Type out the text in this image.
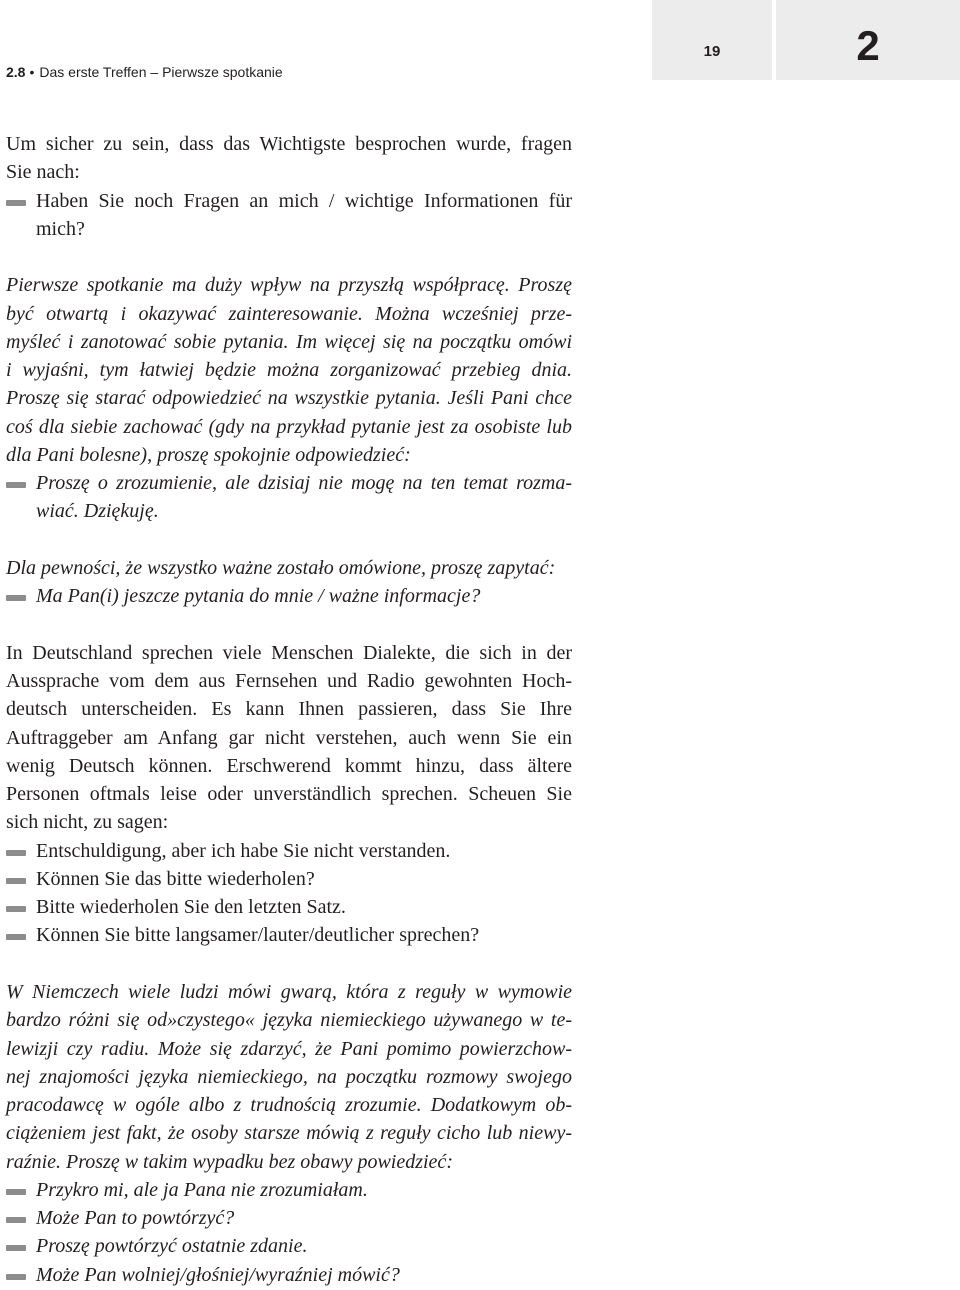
2.8 • Das erste Treffen – Pierwsze spotkanie
19	2
Um sicher zu sein, dass das Wichtigste besprochen wurde, fragen
Sie nach:
Haben Sie noch Fragen an mich / wichtige Informationen für
mich?
Pierwsze spotkanie ma duży wpływ na przyszłą współpracę. Proszę
być otwartą i okazywać zainteresowanie. Można wcześniej prze-
myśleć i zanotować sobie pytania. Im więcej się na początku omówi
i wyjaśni, tym łatwiej będzie można zorganizować przebieg dnia.
Proszę się starać odpowiedzieć na wszystkie pytania. Jeśli Pani chce
coś dla siebie zachować (gdy na przykład pytanie jest za osobiste lub
dla Pani bolesne), proszę spokojnie odpowiedzieć:
Proszę o zrozumienie, ale dzisiaj nie mogę na ten temat rozma-
wiać. Dziękuję.
Dla pewności, że wszystko ważne zostało omówione, proszę zapytać:
Ma Pan(i) jeszcze pytania do mnie / ważne informacje?
In Deutschland sprechen viele Menschen Dialekte, die sich in der
Aussprache vom dem aus Fernsehen und Radio gewohnten Hoch-
deutsch unterscheiden. Es kann Ihnen passieren, dass Sie Ihre
Auftraggeber am Anfang gar nicht verstehen, auch wenn Sie ein
wenig Deutsch können. Erschwerend kommt hinzu, dass ältere
Personen oftmals leise oder unverständlich sprechen. Scheuen Sie
sich nicht, zu sagen:
Entschuldigung, aber ich habe Sie nicht verstanden.
Können Sie das bitte wiederholen?
Bitte wiederholen Sie den letzten Satz.
Können Sie bitte langsamer/lauter/deutlicher sprechen?
W Niemczech wiele ludzi mówi gwarą, która z reguły w wymowie
bardzo różni się od»czystego« języka niemieckiego używanego w te-
lewizji czy radiu. Może się zdarzyć, że Pani pomimo powierzchow-
nej znajomości języka niemieckiego, na początku rozmowy swojego
pracodawcę w ogóle albo z trudnością zrozumie. Dodatkowym ob-
ciążeniem jest fakt, że osoby starsze mówią z reguły cicho lub niewy-
raźnie. Proszę w takim wypadku bez obawy powiedzieć:
Przykro mi, ale ja Pana nie zrozumiałam.
Może Pan to powtórzyć?
Proszę powtórzyć ostatnie zdanie.
Może Pan wolniej/głośniej/wyraźniej mówić?
